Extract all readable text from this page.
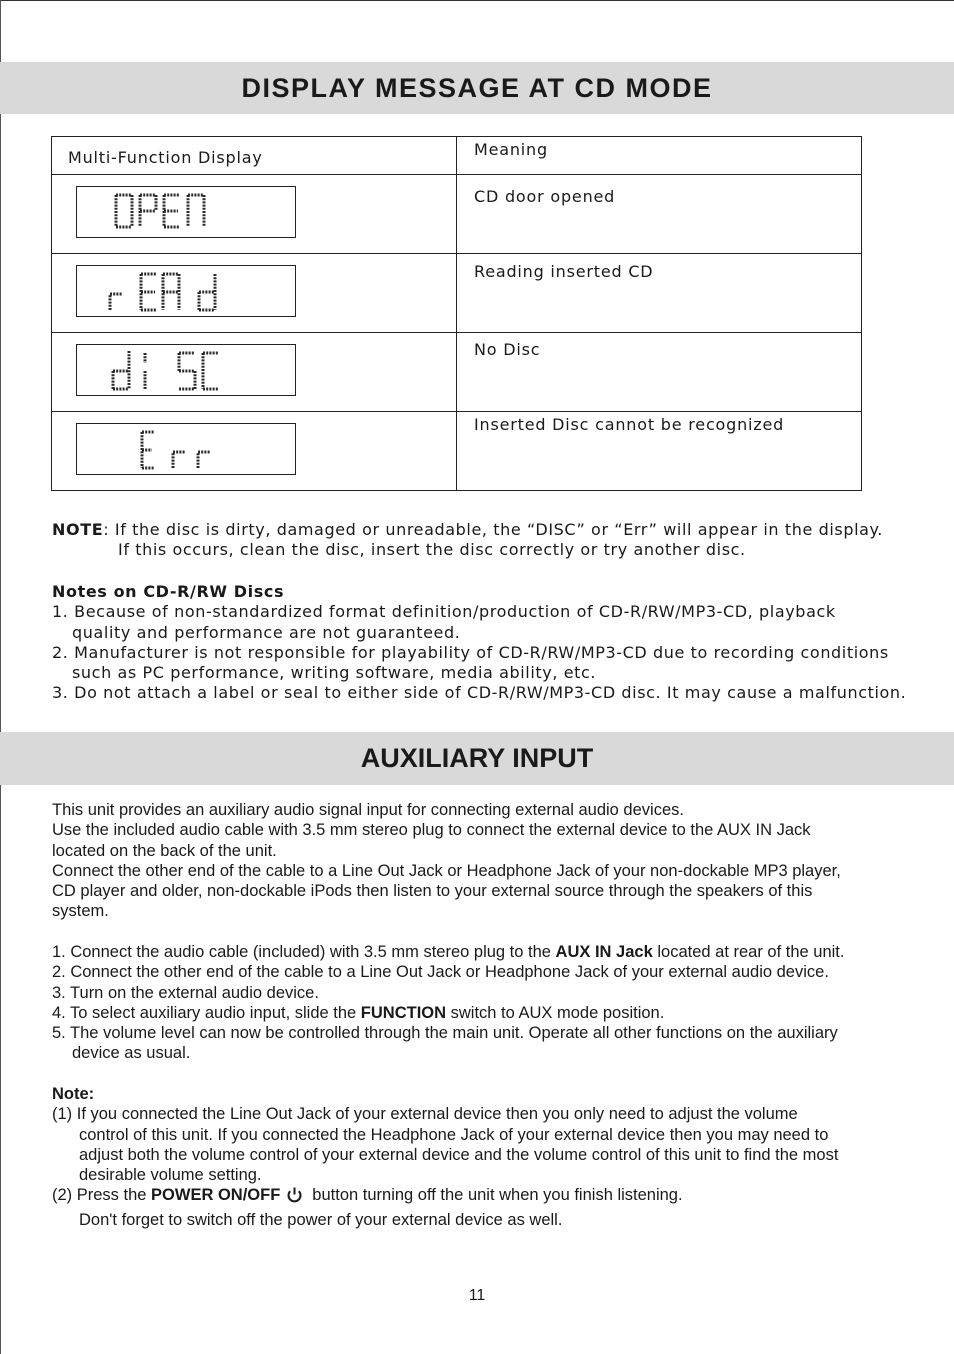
DISPLAY MESSAGE AT CD MODE
Multi-Function Display	Meaning

CD door opened

Reading inserted CD

No Disc

Inserted Disc cannot be recognized
NOTE: If the disc is dirty, damaged or unreadable, the “DISC” or “Err” will appear in the display.
If this occurs, clean the disc, insert the disc correctly or try another disc.
Notes on CD-R/RW Discs
1. Because of non-standardized format definition/production of CD-R/RW/MP3-CD, playback
quality and performance are not guaranteed.
2. Manufacturer is not responsible for playability of CD-R/RW/MP3-CD due to recording conditions
such as PC performance, writing software, media ability, etc.
3. Do not attach a label or seal to either side of CD-R/RW/MP3-CD disc. It may cause a malfunction.
AUXILIARY INPUT
This unit provides an auxiliary audio signal input for connecting external audio devices.
Use the included audio cable with 3.5 mm stereo plug to connect the external device to the AUX IN Jack
located on the back of the unit.
Connect the other end of the cable to a Line Out Jack or Headphone Jack of your non-dockable MP3 player,
CD player and older, non-dockable iPods then listen to your external source through the speakers of this
system.
1. Connect the audio cable (included) with 3.5 mm stereo plug to the AUX IN Jack located at rear of the unit.
2. Connect the other end of the cable to a Line Out Jack or Headphone Jack of your external audio device.
3. Turn on the external audio device.
4. To select auxiliary audio input, slide the FUNCTION switch to AUX mode position.
5. The volume level can now be controlled through the main unit. Operate all other functions on the auxiliary
device as usual.
Note:
(1) If you connected the Line Out Jack of your external device then you only need to adjust the volume
control of this unit. If you connected the Headphone Jack of your external device then you may need to
adjust both the volume control of your external device and the volume control of this unit to find the most
desirable volume setting.
(2) Press the POWER ON/OFF button turning off the unit when you finish listening.
Don't forget to switch off the power of your external device as well.
11
